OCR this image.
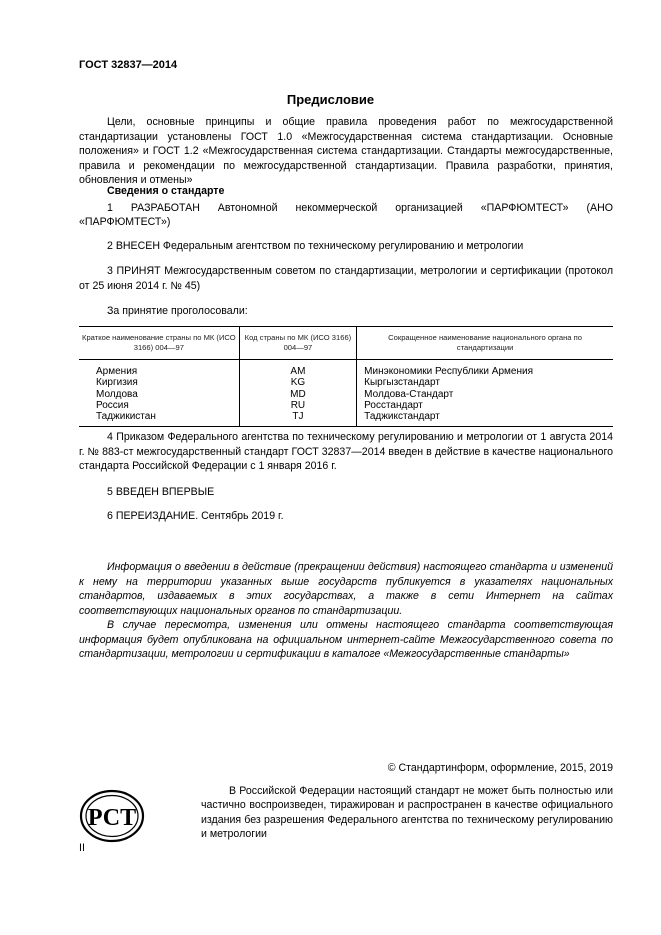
ГОСТ 32837—2014
Предисловие
Цели, основные принципы и общие правила проведения работ по межгосударственной стандартизации установлены ГОСТ 1.0 «Межгосударственная система стандартизации. Основные положения» и ГОСТ 1.2 «Межгосударственная система стандартизации. Стандарты межгосударственные, правила и рекомендации по межгосударственной стандартизации. Правила разработки, принятия, обновления и отмены»
Сведения о стандарте
1 РАЗРАБОТАН Автономной некоммерческой организацией «ПАРФЮМТЕСТ» (АНО
«ПАРФЮМТЕСТ»)
2 ВНЕСЕН Федеральным агентством по техническому регулированию и метрологии
3 ПРИНЯТ Межгосударственным советом по стандартизации, метрологии и сертификации (протокол от 25 июня 2014 г. № 45)
За принятие проголосовали:
Краткое наименование страны по МК (ИСО 3166) 004—97	Код страны по МК (ИСО 3166) 004—97	Сокращенное наименование национального органа по стандартизации
Армения	AM	Минэкономики Республики Армения
Киргизия	KG	Кыргызстандарт
Молдова	MD	Молдова-Стандарт
Россия	RU	Росстандарт
Таджикистан	TJ	Таджикстандарт
4 Приказом Федерального агентства по техническому регулированию и метрологии от 1 августа 2014 г. № 883-ст межгосударственный стандарт ГОСТ 32837—2014 введен в действие в качестве национального стандарта Российской Федерации с 1 января 2016 г.
5 ВВЕДЕН ВПЕРВЫЕ
6 ПЕРЕИЗДАНИЕ. Сентябрь 2019 г.
Информация о введении в действие (прекращении действия) настоящего стандарта и изменений к нему на территории указанных выше государств публикуется в указателях национальных стандартов, издаваемых в этих государствах, а также в сети Интернет на сайтах соответствующих национальных органов по стандартизации.
В случае пересмотра, изменения или отмены настоящего стандарта соответствующая информация будет опубликована на официальном интернет-сайте Межгосударственного совета по стандартизации, метрологии и сертификации в каталоге «Межгосударственные стандарты»
© Стандартинформ, оформление, 2015, 2019
РСТ
В Российской Федерации настоящий стандарт не может быть полностью или частично воспроизведен, тиражирован и распространен в качестве официального издания без разрешения Федерального агентства по техническому регулированию и метрологии
II
